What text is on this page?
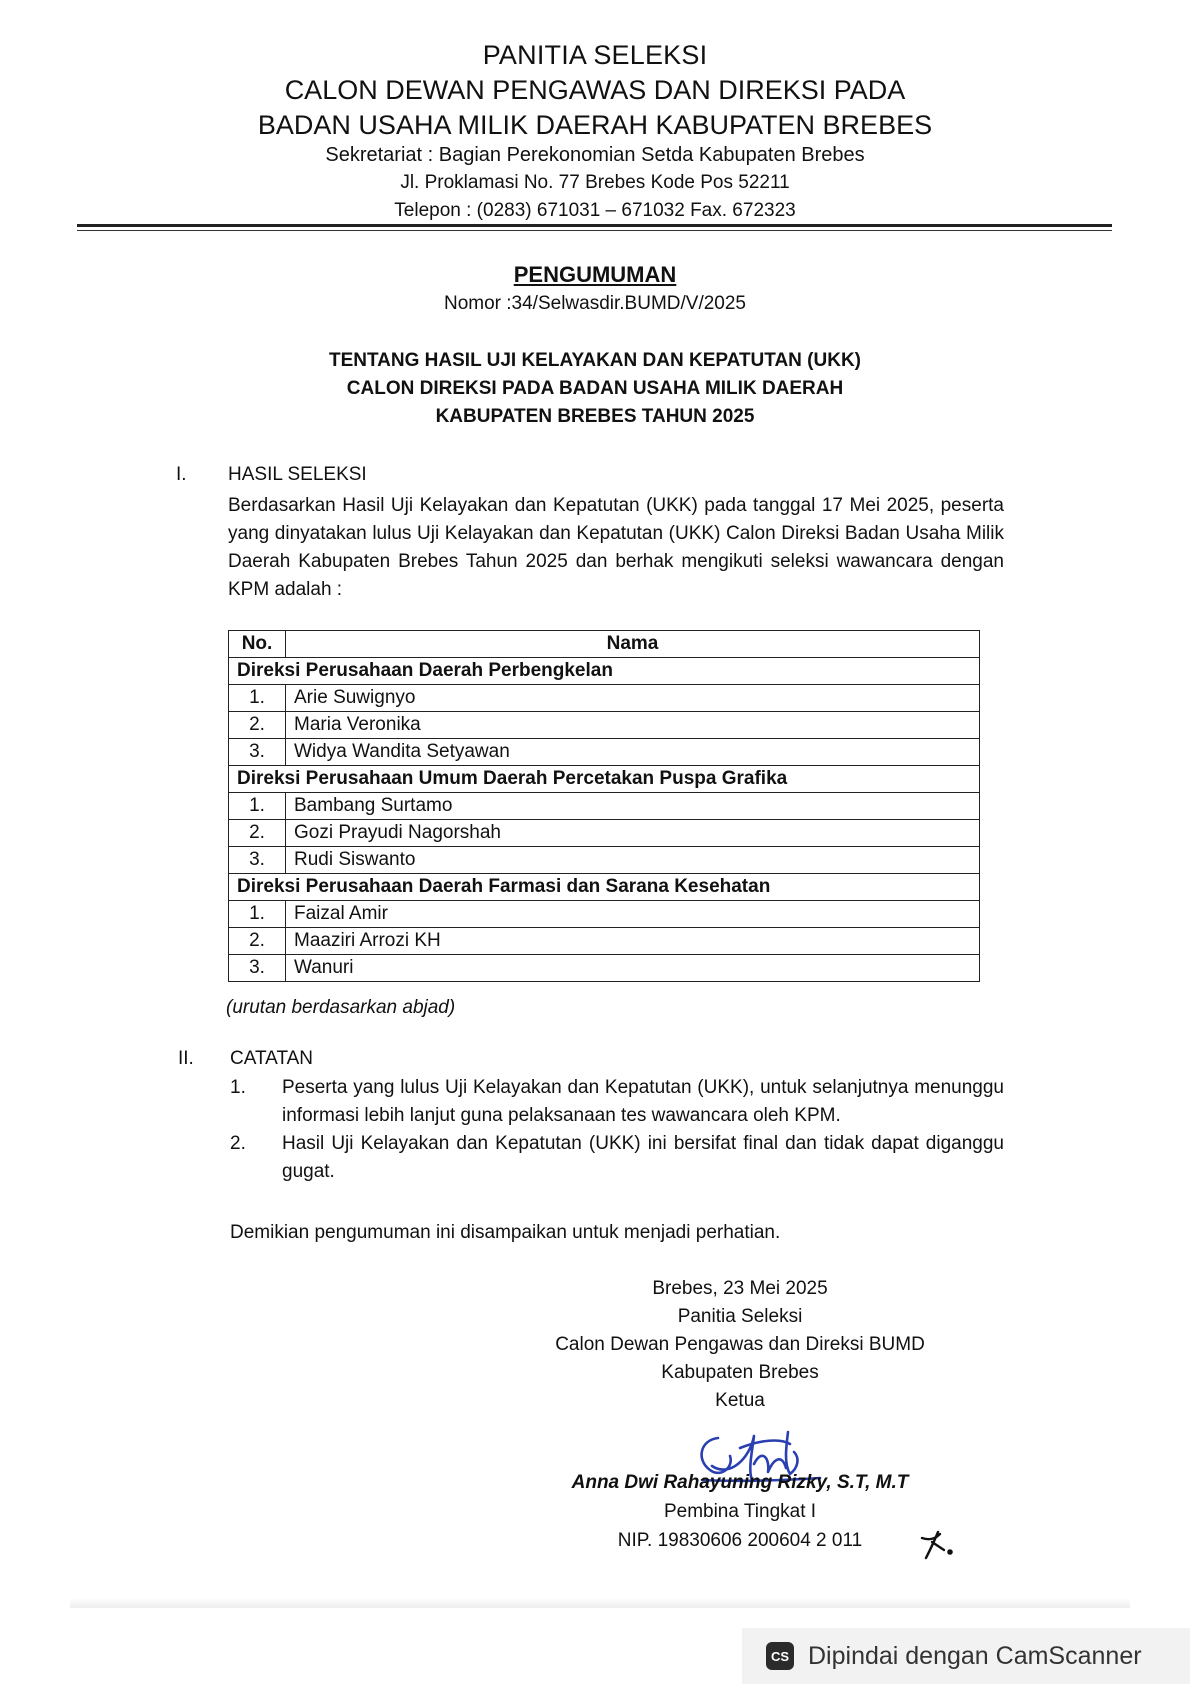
PANITIA SELEKSI
CALON DEWAN PENGAWAS DAN DIREKSI PADA
BADAN USAHA MILIK DAERAH KABUPATEN BREBES
Sekretariat : Bagian Perekonomian Setda Kabupaten Brebes
Jl. Proklamasi No. 77 Brebes Kode Pos 52211
Telepon : (0283) 671031 – 671032 Fax. 672323
PENGUMUMAN
Nomor :34/Selwasdir.BUMD/V/2025
TENTANG HASIL UJI KELAYAKAN DAN KEPATUTAN (UKK)
CALON DIREKSI PADA BADAN USAHA MILIK DAERAH
KABUPATEN BREBES TAHUN 2025
I. HASIL SELEKSI
Berdasarkan Hasil Uji Kelayakan dan Kepatutan (UKK) pada tanggal 17 Mei 2025, peserta yang dinyatakan lulus Uji Kelayakan dan Kepatutan (UKK) Calon Direksi Badan Usaha Milik Daerah Kabupaten Brebes Tahun 2025 dan berhak mengikuti seleksi wawancara dengan KPM adalah :
No.	Nama
Direksi Perusahaan Daerah Perbengkelan	
1.	Arie Suwignyo
2.	Maria Veronika
3.	Widya Wandita Setyawan
Direksi Perusahaan Umum Daerah Percetakan Puspa Grafika	
1.	Bambang Surtamo
2.	Gozi Prayudi Nagorshah
3.	Rudi Siswanto
Direksi Perusahaan Daerah Farmasi dan Sarana Kesehatan	
1.	Faizal Amir
2.	Maaziri Arrozi KH
3.	Wanuri
(urutan berdasarkan abjad)
II. CATATAN
1. Peserta yang lulus Uji Kelayakan dan Kepatutan (UKK), untuk selanjutnya menunggu informasi lebih lanjut guna pelaksanaan tes wawancara oleh KPM.
2. Hasil Uji Kelayakan dan Kepatutan (UKK) ini bersifat final dan tidak dapat diganggu gugat.
Demikian pengumuman ini disampaikan untuk menjadi perhatian.
Brebes, 23 Mei 2025
Panitia Seleksi
Calon Dewan Pengawas dan Direksi BUMD
Kabupaten Brebes
Ketua
Anna Dwi Rahayuning Rizky, S.T, M.T
Pembina Tingkat I
NIP. 19830606 200604 2 011
CS Dipindai dengan CamScanner
